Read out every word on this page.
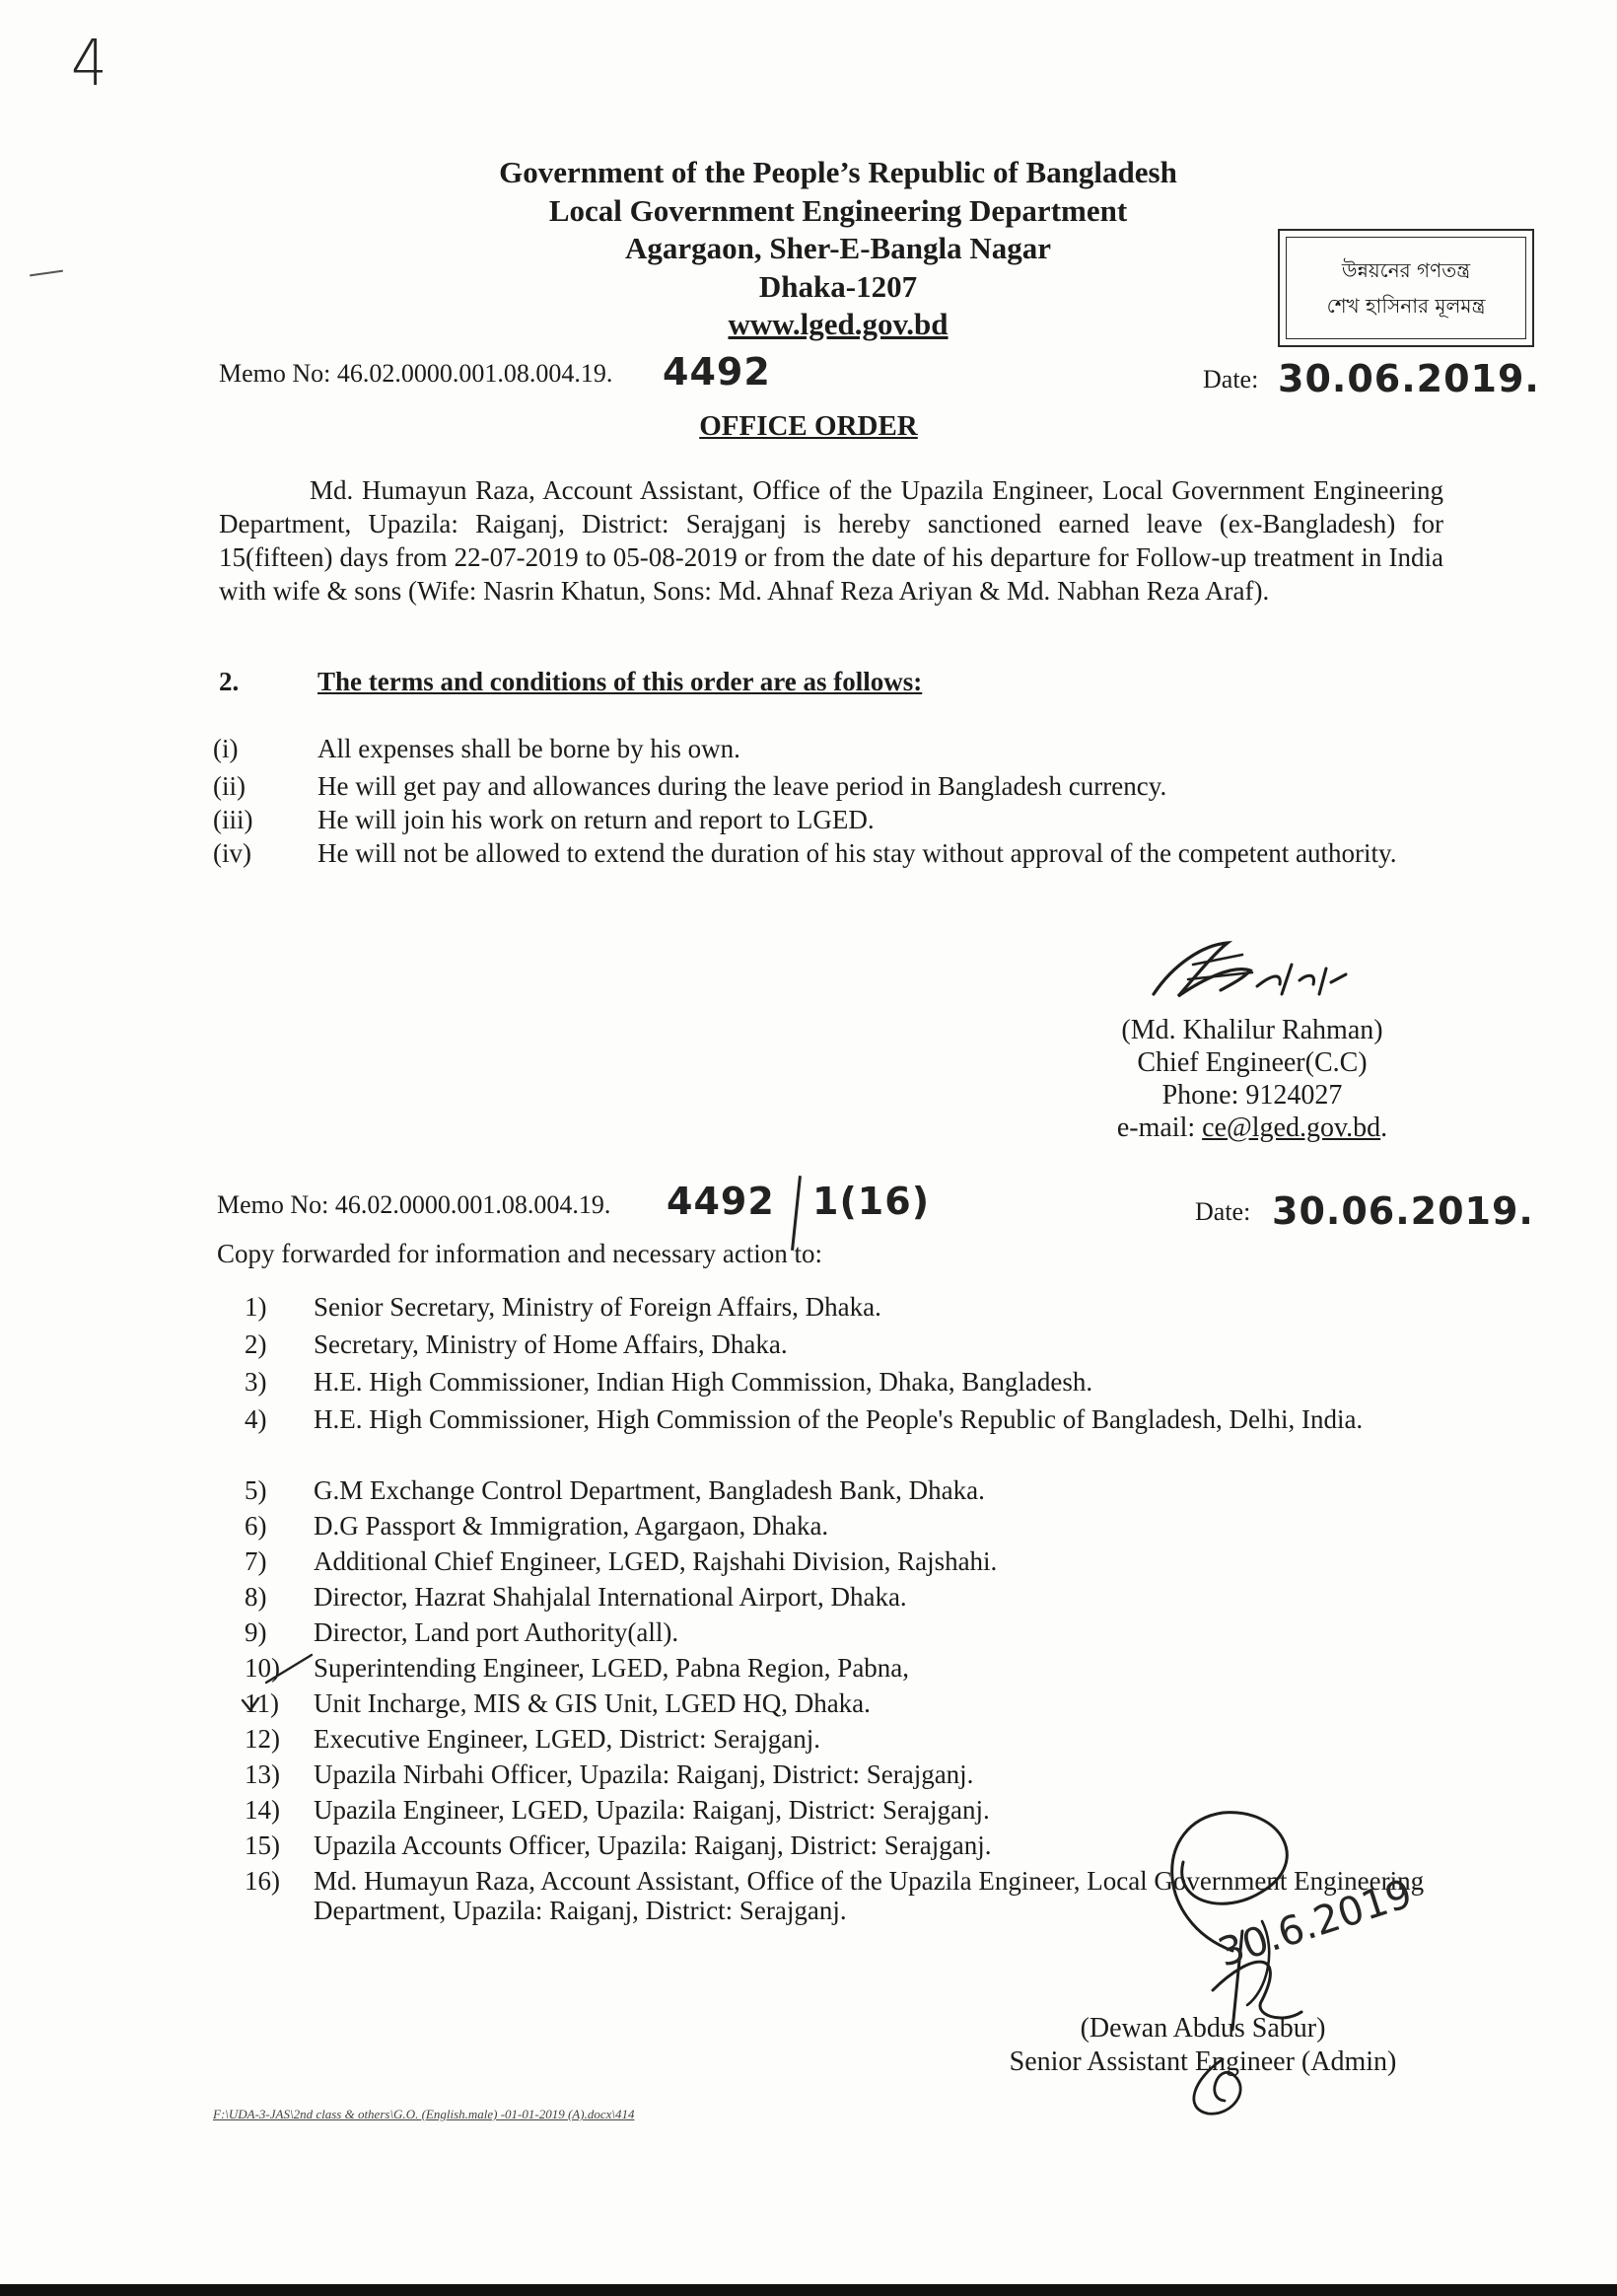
4
Government of the People’s Republic of Bangladesh
Local Government Engineering Department
Agargaon, Sher-E-Bangla Nagar
Dhaka-1207
www.lged.gov.bd
উন্নয়নের গণতন্ত্র
শেখ হাসিনার মূলমন্ত্র
Memo No: 46.02.0000.001.08.004.19. 4492	Date: 30.06.2019.
OFFICE ORDER
Md. Humayun Raza, Account Assistant, Office of the Upazila Engineer, Local Government Engineering Department, Upazila: Raiganj, District: Serajganj is hereby sanctioned earned leave (ex-Bangladesh) for 15(fifteen) days from 22-07-2019 to 05-08-2019 or from the date of his departure for Follow-up treatment in India with wife & sons (Wife: Nasrin Khatun, Sons: Md. Ahnaf Reza Ariyan & Md. Nabhan Reza Araf).
2.	The terms and conditions of this order are as follows:
(i)	All expenses shall be borne by his own.
(ii)	He will get pay and allowances during the leave period in Bangladesh currency.
(iii) He will join his work on return and report to LGED.
(iv) He will not be allowed to extend the duration of his stay without approval of the competent authority.
(Md. Khalilur Rahman)
Chief Engineer(C.C)
Phone: 9124027
e-mail: ce@lged.gov.bd.
Memo No: 46.02.0000.001.08.004.19. 4492 1(16)	Date: 30.06.2019.
Copy forwarded for information and necessary action to:
1)	Senior Secretary, Ministry of Foreign Affairs, Dhaka.
2)	Secretary, Ministry of Home Affairs, Dhaka.
3)	H.E. High Commissioner, Indian High Commission, Dhaka, Bangladesh.
4)	H.E. High Commissioner, High Commission of the People's Republic of Bangladesh, Delhi, India.
5)	G.M Exchange Control Department, Bangladesh Bank, Dhaka.
6)	D.G Passport & Immigration, Agargaon, Dhaka.
7)	Additional Chief Engineer, LGED, Rajshahi Division, Rajshahi.
8)	Director, Hazrat Shahjalal International Airport, Dhaka.
9)	Director, Land port Authority(all).
10) Superintending Engineer, LGED, Pabna Region, Pabna,
11) Unit Incharge, MIS & GIS Unit, LGED HQ, Dhaka.
12) Executive Engineer, LGED, District: Serajganj.
13) Upazila Nirbahi Officer, Upazila: Raiganj, District: Serajganj.
14) Upazila Engineer, LGED, Upazila: Raiganj, District: Serajganj.
15) Upazila Accounts Officer, Upazila: Raiganj, District: Serajganj.
16) Md. Humayun Raza, Account Assistant, Office of the Upazila Engineer, Local Government Engineering Department, Upazila: Raiganj, District: Serajganj.	30.6.2019
(Dewan Abdus Sabur)
Senior Assistant Engineer (Admin)
F:\UDA-3-JAS\2nd class & others\G.O. (English.male) -01-01-2019 (A).docx\414
